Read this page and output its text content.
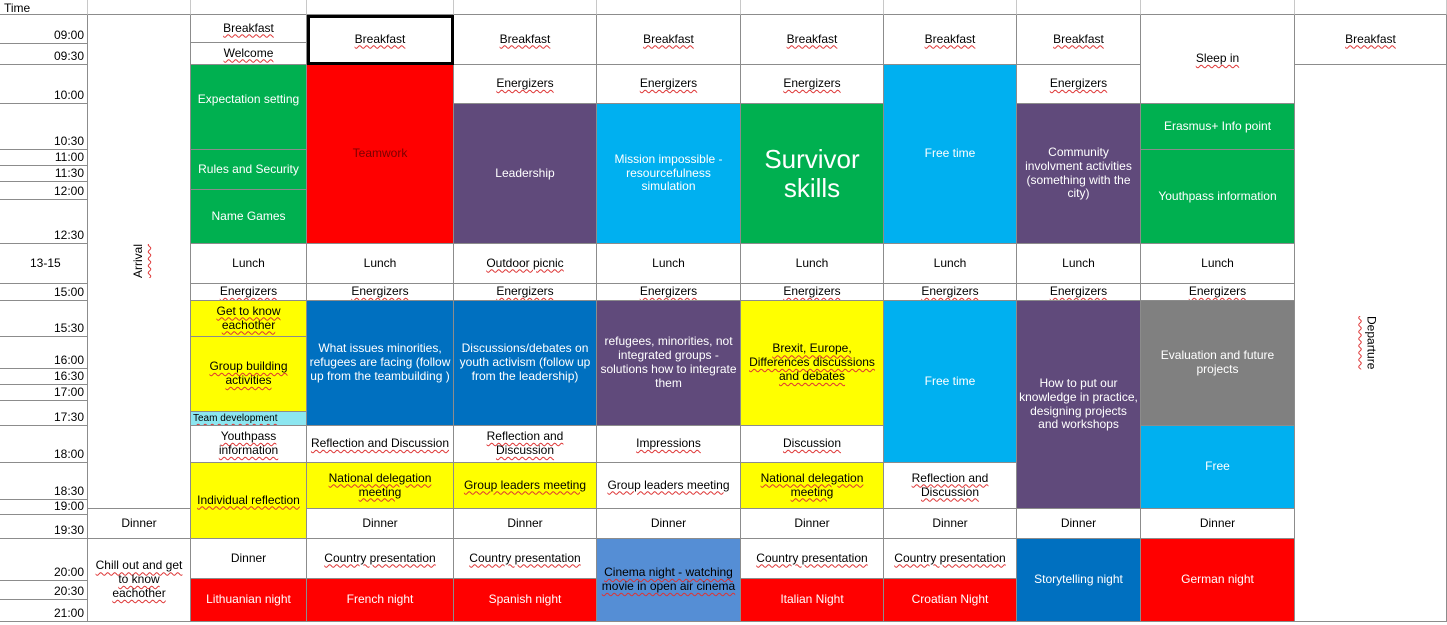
Time
09:00
09:30
10:00
10:30
11:00
11:30
12:00
12:30
13-15
15:00
15:30
16:00
16:30
17:00
17:30
18:00
18:30
19:00
19:30
20:00
20:30
21:00
Arrival
Dinner
Chill out and get to know eachother
Breakfast
Welcome
Expectation setting
Rules and Security
Name Games
Lunch
Energizers
Get to know eachother
Group building activities
Team development
Youthpass information
Individual reflection
Dinner
Lithuanian night
Breakfast
Teamwork
Lunch
Energizers
What issues minorities, refugees are facing (follow up from the teambuilding )
Reflection and Discussion
National delegation meeting
Dinner
Country presentation
French night
Breakfast
Energizers
Leadership
Outdoor picnic
Energizers
Discussions/debates on youth activism (follow up from the leadership)
Reflection and Discussion
Group leaders meeting
Dinner
Country presentation
Spanish night
Breakfast
Energizers
Mission impossible - resourcefulness simulation
Lunch
Energizers
refugees, minorities, not integrated groups - solutions how to integrate them
Impressions
Group leaders meeting
Dinner
Cinema night - watching movie in open air cinema
Breakfast
Energizers
Survivor skills
Lunch
Energizers
Brexit, Europe, Differences discussions and debates
Discussion
National delegation meeting
Dinner
Country presentation
Italian Night
Breakfast
Free time
Lunch
Energizers
Free time
Reflection and Discussion
Dinner
Country presentation
Croatian Night
Breakfast
Energizers
Community involvment activities (something with the city)
Lunch
Energizers
How to put our knowledge in practice, designing projects and workshops
Dinner
Storytelling night
Sleep in
Erasmus+ Info point
Youthpass information
Lunch
Energizers
Evaluation and future projects
Free
Dinner
German night
Breakfast
Departure
